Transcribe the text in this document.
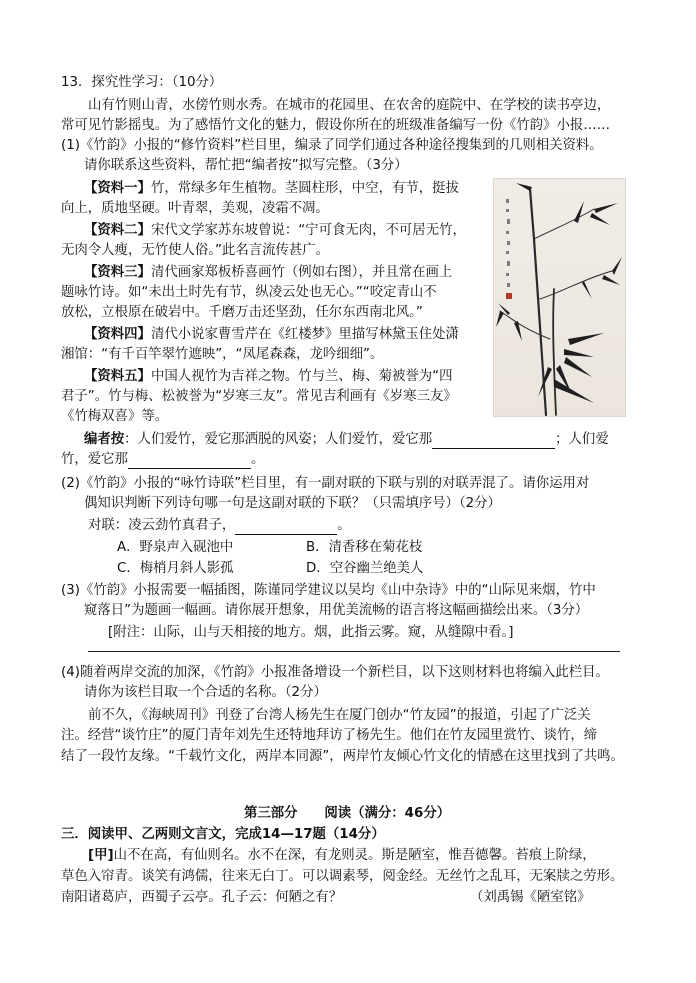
13．探究性学习：（10分）
山有竹则山青，水傍竹则水秀。在城市的花园里、在农舍的庭院中、在学校的读书亭边，
常可见竹影摇曳。为了感悟竹文化的魅力，假设你所在的班级准备编写一份《竹韵》小报……
(1)《竹韵》小报的“修竹资料”栏目里，编录了同学们通过各种途径搜集到的几则相关资料。
请你联系这些资料，帮忙把“编者按”拟写完整。（3分）
【资料一】竹，常绿多年生植物。茎圆柱形，中空，有节，挺拔
向上，质地坚硬。叶青翠，美观，凌霜不凋。
【资料二】宋代文学家苏东坡曾说：“宁可食无肉，不可居无竹，
无肉令人瘦，无竹使人俗。”此名言流传甚广。
【资料三】清代画家郑板桥喜画竹（例如右图），并且常在画上
题咏竹诗。如“未出土时先有节，纵凌云处也无心。”“咬定青山不
放松，立根原在破岩中。千磨万击还坚劲，任尔东西南北风。”
【资料四】清代小说家曹雪芹在《红楼梦》里描写林黛玉住处潇
湘馆：“有千百竿翠竹遮映”，“凤尾森森，龙吟细细”。
【资料五】中国人视竹为吉祥之物。竹与兰、梅、菊被誉为“四
君子”。竹与梅、松被誉为“岁寒三友”。常见吉利画有《岁寒三友》
《竹梅双喜》等。
编者按：人们爱竹，爱它那洒脱的风姿；人们爱竹，爱它那	；人们爱
竹，爱它那	。
(2)《竹韵》小报的“咏竹诗联”栏目里，有一副对联的下联与别的对联弄混了。请你运用对
偶知识判断下列诗句哪一句是这副对联的下联？（只需填序号）（2分）
对联：凌云劲竹真君子，	。
A．野泉声入砚池中	B．清香移在菊花枝
C．梅梢月斜人影孤	D．空谷幽兰绝美人
(3)《竹韵》小报需要一幅插图，陈谨同学建议以吴均《山中杂诗》中的“山际见来烟，竹中
窥落日”为题画一幅画。请你展开想象，用优美流畅的语言将这幅画描绘出来。（3分）
[附注：山际，山与天相接的地方。烟，此指云雾。窥，从缝隙中看。]
(4)随着两岸交流的加深，《竹韵》小报准备增设一个新栏目，以下这则材料也将编入此栏目。
请你为该栏目取一个合适的名称。（2分）
前不久，《海峡周刊》刊登了台湾人杨先生在厦门创办“竹友园”的报道，引起了广泛关
注。经营“谈竹庄”的厦门青年刘先生还特地拜访了杨先生。他们在竹友园里赏竹、谈竹，缔
结了一段竹友缘。“千载竹文化，两岸本同源”，两岸竹友倾心竹文化的情感在这里找到了共鸣。
第三部分　　阅读（满分：46分）
三．阅读甲、乙两则文言文，完成14—17题（14分）
[甲]山不在高，有仙则名。水不在深，有龙则灵。斯是陋室，惟吾德馨。苔痕上阶绿，
草色入帘青。谈笑有鸿儒，往来无白丁。可以调素琴，阅金经。无丝竹之乱耳，无案牍之劳形。
南阳诸葛庐，西蜀子云亭。孔子云：何陋之有？	（刘禹锡《陋室铭》
